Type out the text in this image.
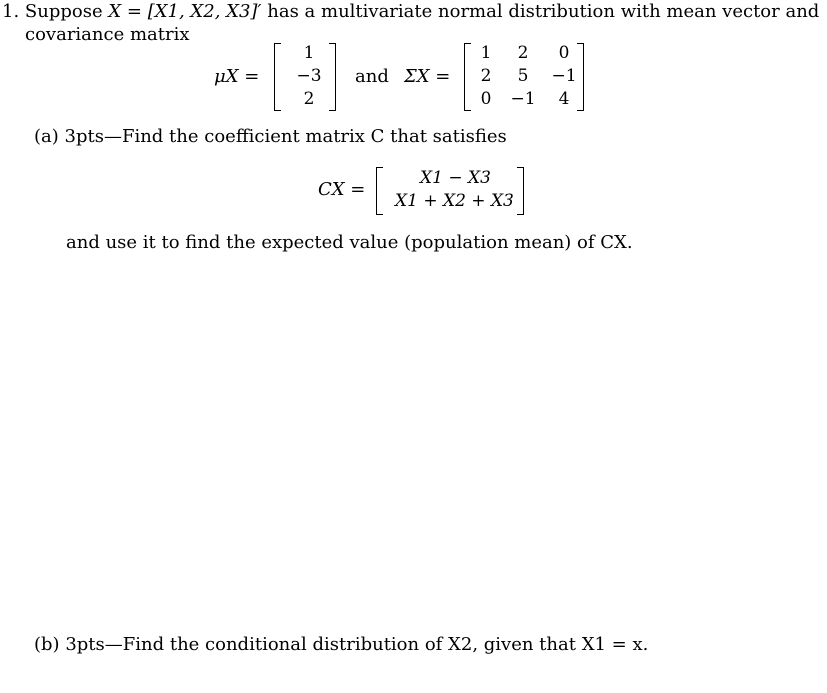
1. Suppose X = [X1, X2, X3]′ has a multivariate normal distribution with mean vector and
covariance matrix
μX =
1
−3
2
and ΣX =
1	2	0
2	5	−1
0	−1	4
(a) 3pts—Find the coefficient matrix C that satisfies
CX =
X1 − X3
X1 + X2 + X3
and use it to find the expected value (population mean) of CX.
(b) 3pts—Find the conditional distribution of X2, given that X1 = x.
